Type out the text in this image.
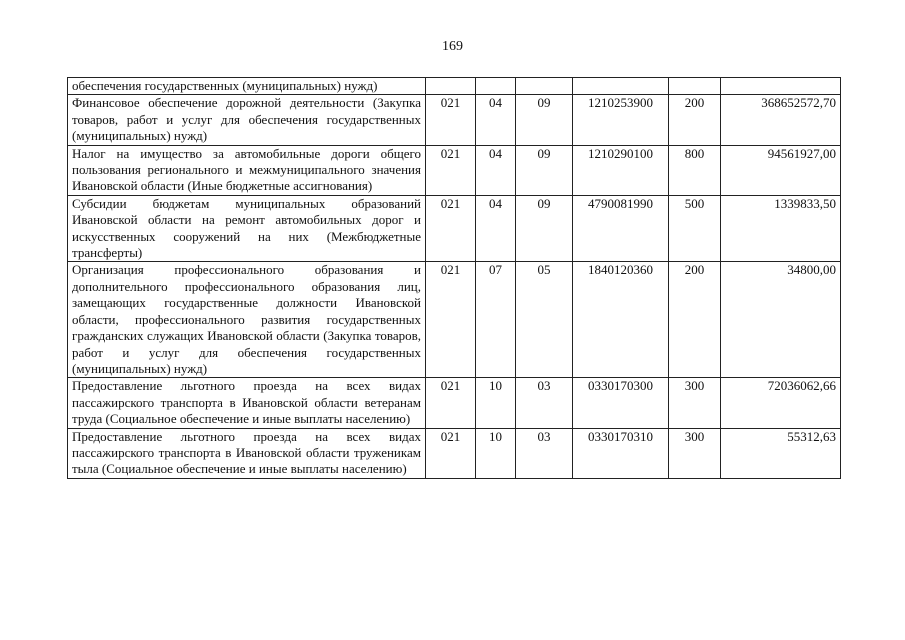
169
обеспечения государственных (муниципальных) нужд)						
Финансовое обеспечение дорожной деятельности (Закупка товаров, работ и услуг для обеспечения государственных (муниципальных) нужд)	021	04	09	1210253900	200	368652572,70
Налог на имущество за автомобильные дороги общего пользования регионального и межмуниципального значения Ивановской области (Иные бюджетные ассигнования)	021	04	09	1210290100	800	94561927,00
Субсидии бюджетам муниципальных образований Ивановской области на ремонт автомобильных дорог и искусственных сооружений на них (Межбюджетные трансферты)	021	04	09	4790081990	500	1339833,50
Организация профессионального образования и дополнительного профессионального образования лиц, замещающих государственные должности Ивановской области, профессионального развития государственных гражданских служащих Ивановской области (Закупка товаров, работ и услуг для обеспечения государственных (муниципальных) нужд)	021	07	05	1840120360	200	34800,00
Предоставление льготного проезда на всех видах пассажирского транспорта в Ивановской области ветеранам труда (Социальное обеспечение и иные выплаты населению)	021	10	03	0330170300	300	72036062,66
Предоставление льготного проезда на всех видах пассажирского транспорта в Ивановской области труженикам тыла (Социальное обеспечение и иные выплаты населению)	021	10	03	0330170310	300	55312,63
